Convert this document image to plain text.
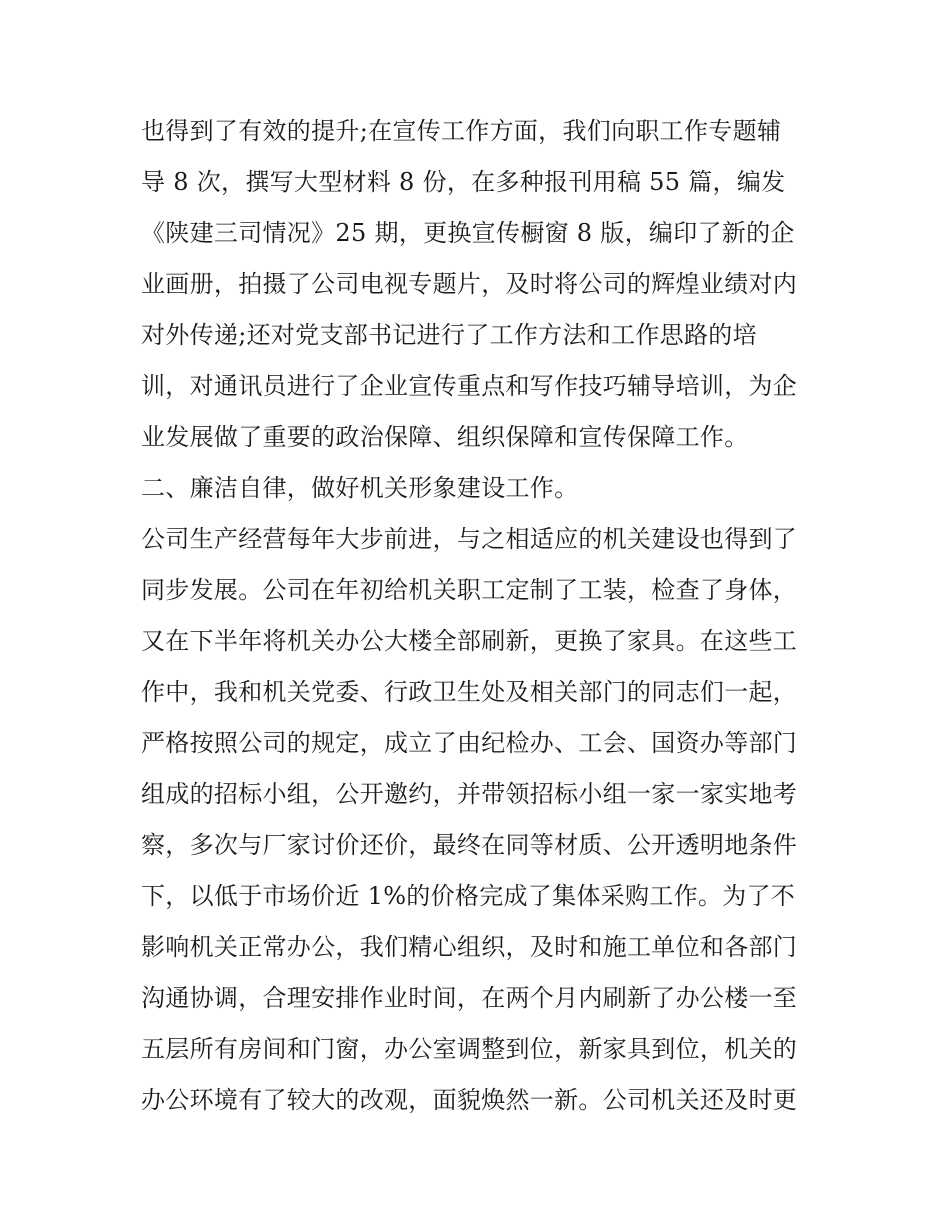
也得到了有效的提升;在宣传工作方面，我们向职工作专题辅
导 8 次，撰写大型材料 8 份，在多种报刊用稿 55 篇，编发
《陕建三司情况》25 期，更换宣传橱窗 8 版，编印了新的企
业画册，拍摄了公司电视专题片，及时将公司的辉煌业绩对内
对外传递;还对党支部书记进行了工作方法和工作思路的培
训，对通讯员进行了企业宣传重点和写作技巧辅导培训，为企
业发展做了重要的政治保障、组织保障和宣传保障工作。
二、廉洁自律，做好机关形象建设工作。
公司生产经营每年大步前进，与之相适应的机关建设也得到了
同步发展。公司在年初给机关职工定制了工装，检查了身体，
又在下半年将机关办公大楼全部刷新，更换了家具。在这些工
作中，我和机关党委、行政卫生处及相关部门的同志们一起，
严格按照公司的规定，成立了由纪检办、工会、国资办等部门
组成的招标小组，公开邀约，并带领招标小组一家一家实地考
察，多次与厂家讨价还价，最终在同等材质、公开透明地条件
下，以低于市场价近 1%的价格完成了集体采购工作。为了不
影响机关正常办公，我们精心组织，及时和施工单位和各部门
沟通协调，合理安排作业时间，在两个月内刷新了办公楼一至
五层所有房间和门窗，办公室调整到位，新家具到位，机关的
办公环境有了较大的改观，面貌焕然一新。公司机关还及时更
